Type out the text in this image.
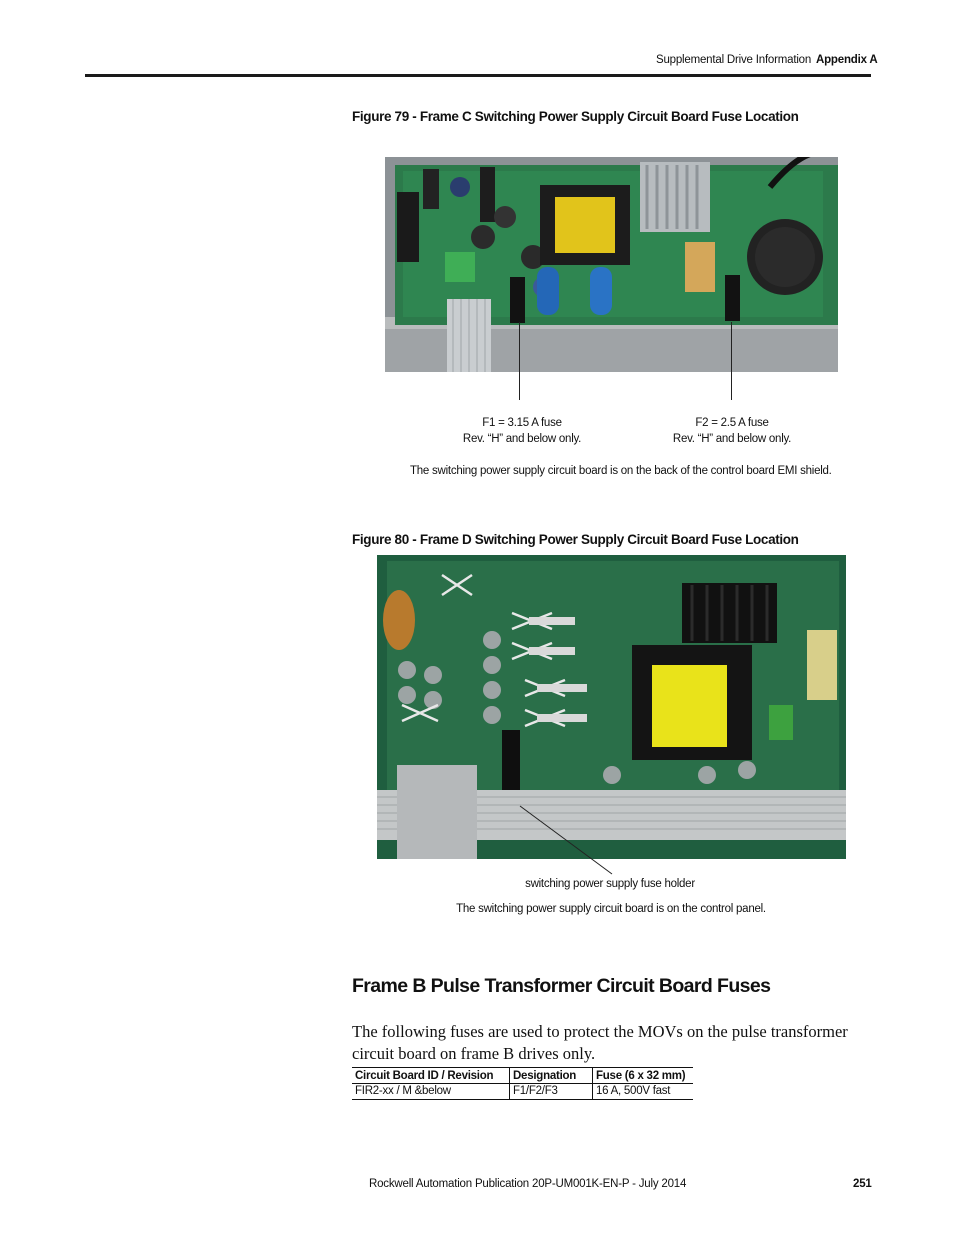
Supplemental Drive Information Appendix A
Figure 79 - Frame C Switching Power Supply Circuit Board Fuse Location
F1 = 3.15 A fuse
Rev. “H” and below only.
F2 = 2.5 A fuse
Rev. “H” and below only.
The switching power supply circuit board is on the back of the control board EMI shield.
Figure 80 - Frame D Switching Power Supply Circuit Board Fuse Location
switching power supply fuse holder
The switching power supply circuit board is on the control panel.
Frame B Pulse Transformer Circuit Board Fuses
The following fuses are used to protect the MOVs on the pulse transformer circuit board on frame B drives only.
Circuit Board ID / Revision	Designation	Fuse (6 x 32 mm)
FIR2-xx / M &below	F1/F2/F3	16 A, 500V fast
Rockwell Automation Publication 20P-UM001K-EN-P - July 2014	251
